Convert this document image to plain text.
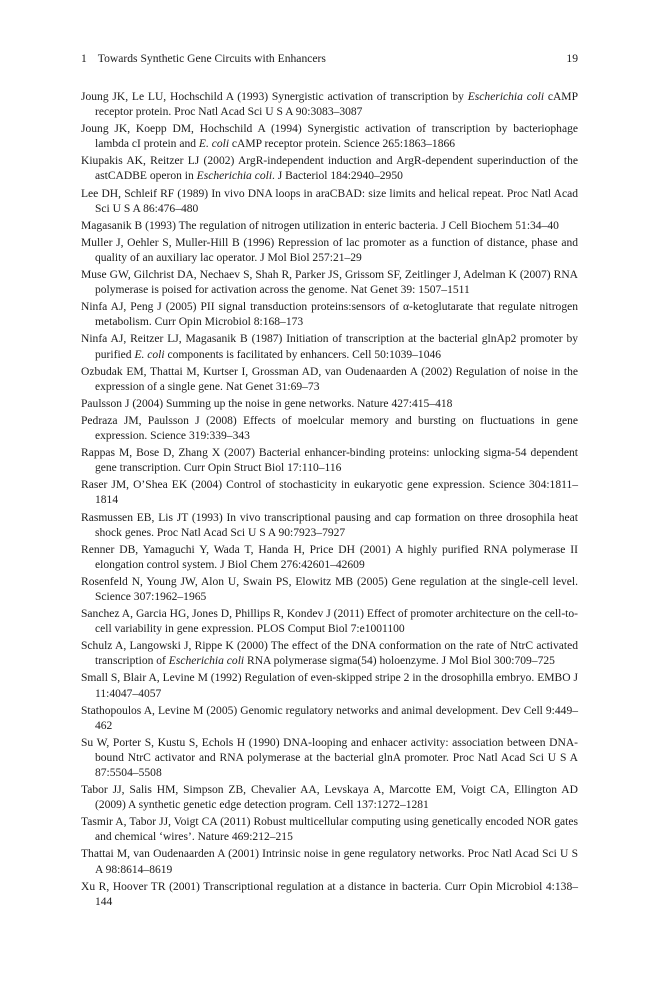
1 Towards Synthetic Gene Circuits with Enhancers	19
Joung JK, Le LU, Hochschild A (1993) Synergistic activation of transcription by Escherichia coli cAMP receptor protein. Proc Natl Acad Sci U S A 90:3083–3087
Joung JK, Koepp DM, Hochschild A (1994) Synergistic activation of transcription by bacteriophage lambda cI protein and E. coli cAMP receptor protein. Science 265:1863–1866
Kiupakis AK, Reitzer LJ (2002) ArgR-independent induction and ArgR-dependent superinduction of the astCADBE operon in Escherichia coli. J Bacteriol 184:2940–2950
Lee DH, Schleif RF (1989) In vivo DNA loops in araCBAD: size limits and helical repeat. Proc Natl Acad Sci U S A 86:476–480
Magasanik B (1993) The regulation of nitrogen utilization in enteric bacteria. J Cell Biochem 51:34–40
Muller J, Oehler S, Muller-Hill B (1996) Repression of lac promoter as a function of distance, phase and quality of an auxiliary lac operator. J Mol Biol 257:21–29
Muse GW, Gilchrist DA, Nechaev S, Shah R, Parker JS, Grissom SF, Zeitlinger J, Adelman K (2007) RNA polymerase is poised for activation across the genome. Nat Genet 39: 1507–1511
Ninfa AJ, Peng J (2005) PII signal transduction proteins:sensors of α-ketoglutarate that regulate nitrogen metabolism. Curr Opin Microbiol 8:168–173
Ninfa AJ, Reitzer LJ, Magasanik B (1987) Initiation of transcription at the bacterial glnAp2 promoter by purified E. coli components is facilitated by enhancers. Cell 50:1039–1046
Ozbudak EM, Thattai M, Kurtser I, Grossman AD, van Oudenaarden A (2002) Regulation of noise in the expression of a single gene. Nat Genet 31:69–73
Paulsson J (2004) Summing up the noise in gene networks. Nature 427:415–418
Pedraza JM, Paulsson J (2008) Effects of moelcular memory and bursting on fluctuations in gene expression. Science 319:339–343
Rappas M, Bose D, Zhang X (2007) Bacterial enhancer-binding proteins: unlocking sigma-54 dependent gene transcription. Curr Opin Struct Biol 17:110–116
Raser JM, O’Shea EK (2004) Control of stochasticity in eukaryotic gene expression. Science 304:1811–1814
Rasmussen EB, Lis JT (1993) In vivo transcriptional pausing and cap formation on three drosophila heat shock genes. Proc Natl Acad Sci U S A 90:7923–7927
Renner DB, Yamaguchi Y, Wada T, Handa H, Price DH (2001) A highly purified RNA polymerase II elongation control system. J Biol Chem 276:42601–42609
Rosenfeld N, Young JW, Alon U, Swain PS, Elowitz MB (2005) Gene regulation at the single-cell level. Science 307:1962–1965
Sanchez A, Garcia HG, Jones D, Phillips R, Kondev J (2011) Effect of promoter architecture on the cell-to-cell variability in gene expression. PLOS Comput Biol 7:e1001100
Schulz A, Langowski J, Rippe K (2000) The effect of the DNA conformation on the rate of NtrC activated transcription of Escherichia coli RNA polymerase sigma(54) holoenzyme. J Mol Biol 300:709–725
Small S, Blair A, Levine M (1992) Regulation of even-skipped stripe 2 in the drosophilla embryo. EMBO J 11:4047–4057
Stathopoulos A, Levine M (2005) Genomic regulatory networks and animal development. Dev Cell 9:449–462
Su W, Porter S, Kustu S, Echols H (1990) DNA-looping and enhacer activity: association between DNA-bound NtrC activator and RNA polymerase at the bacterial glnA promoter. Proc Natl Acad Sci U S A 87:5504–5508
Tabor JJ, Salis HM, Simpson ZB, Chevalier AA, Levskaya A, Marcotte EM, Voigt CA, Ellington AD (2009) A synthetic genetic edge detection program. Cell 137:1272–1281
Tasmir A, Tabor JJ, Voigt CA (2011) Robust multicellular computing using genetically encoded NOR gates and chemical ‘wires’. Nature 469:212–215
Thattai M, van Oudenaarden A (2001) Intrinsic noise in gene regulatory networks. Proc Natl Acad Sci U S A 98:8614–8619
Xu R, Hoover TR (2001) Transcriptional regulation at a distance in bacteria. Curr Opin Microbiol 4:138–144
